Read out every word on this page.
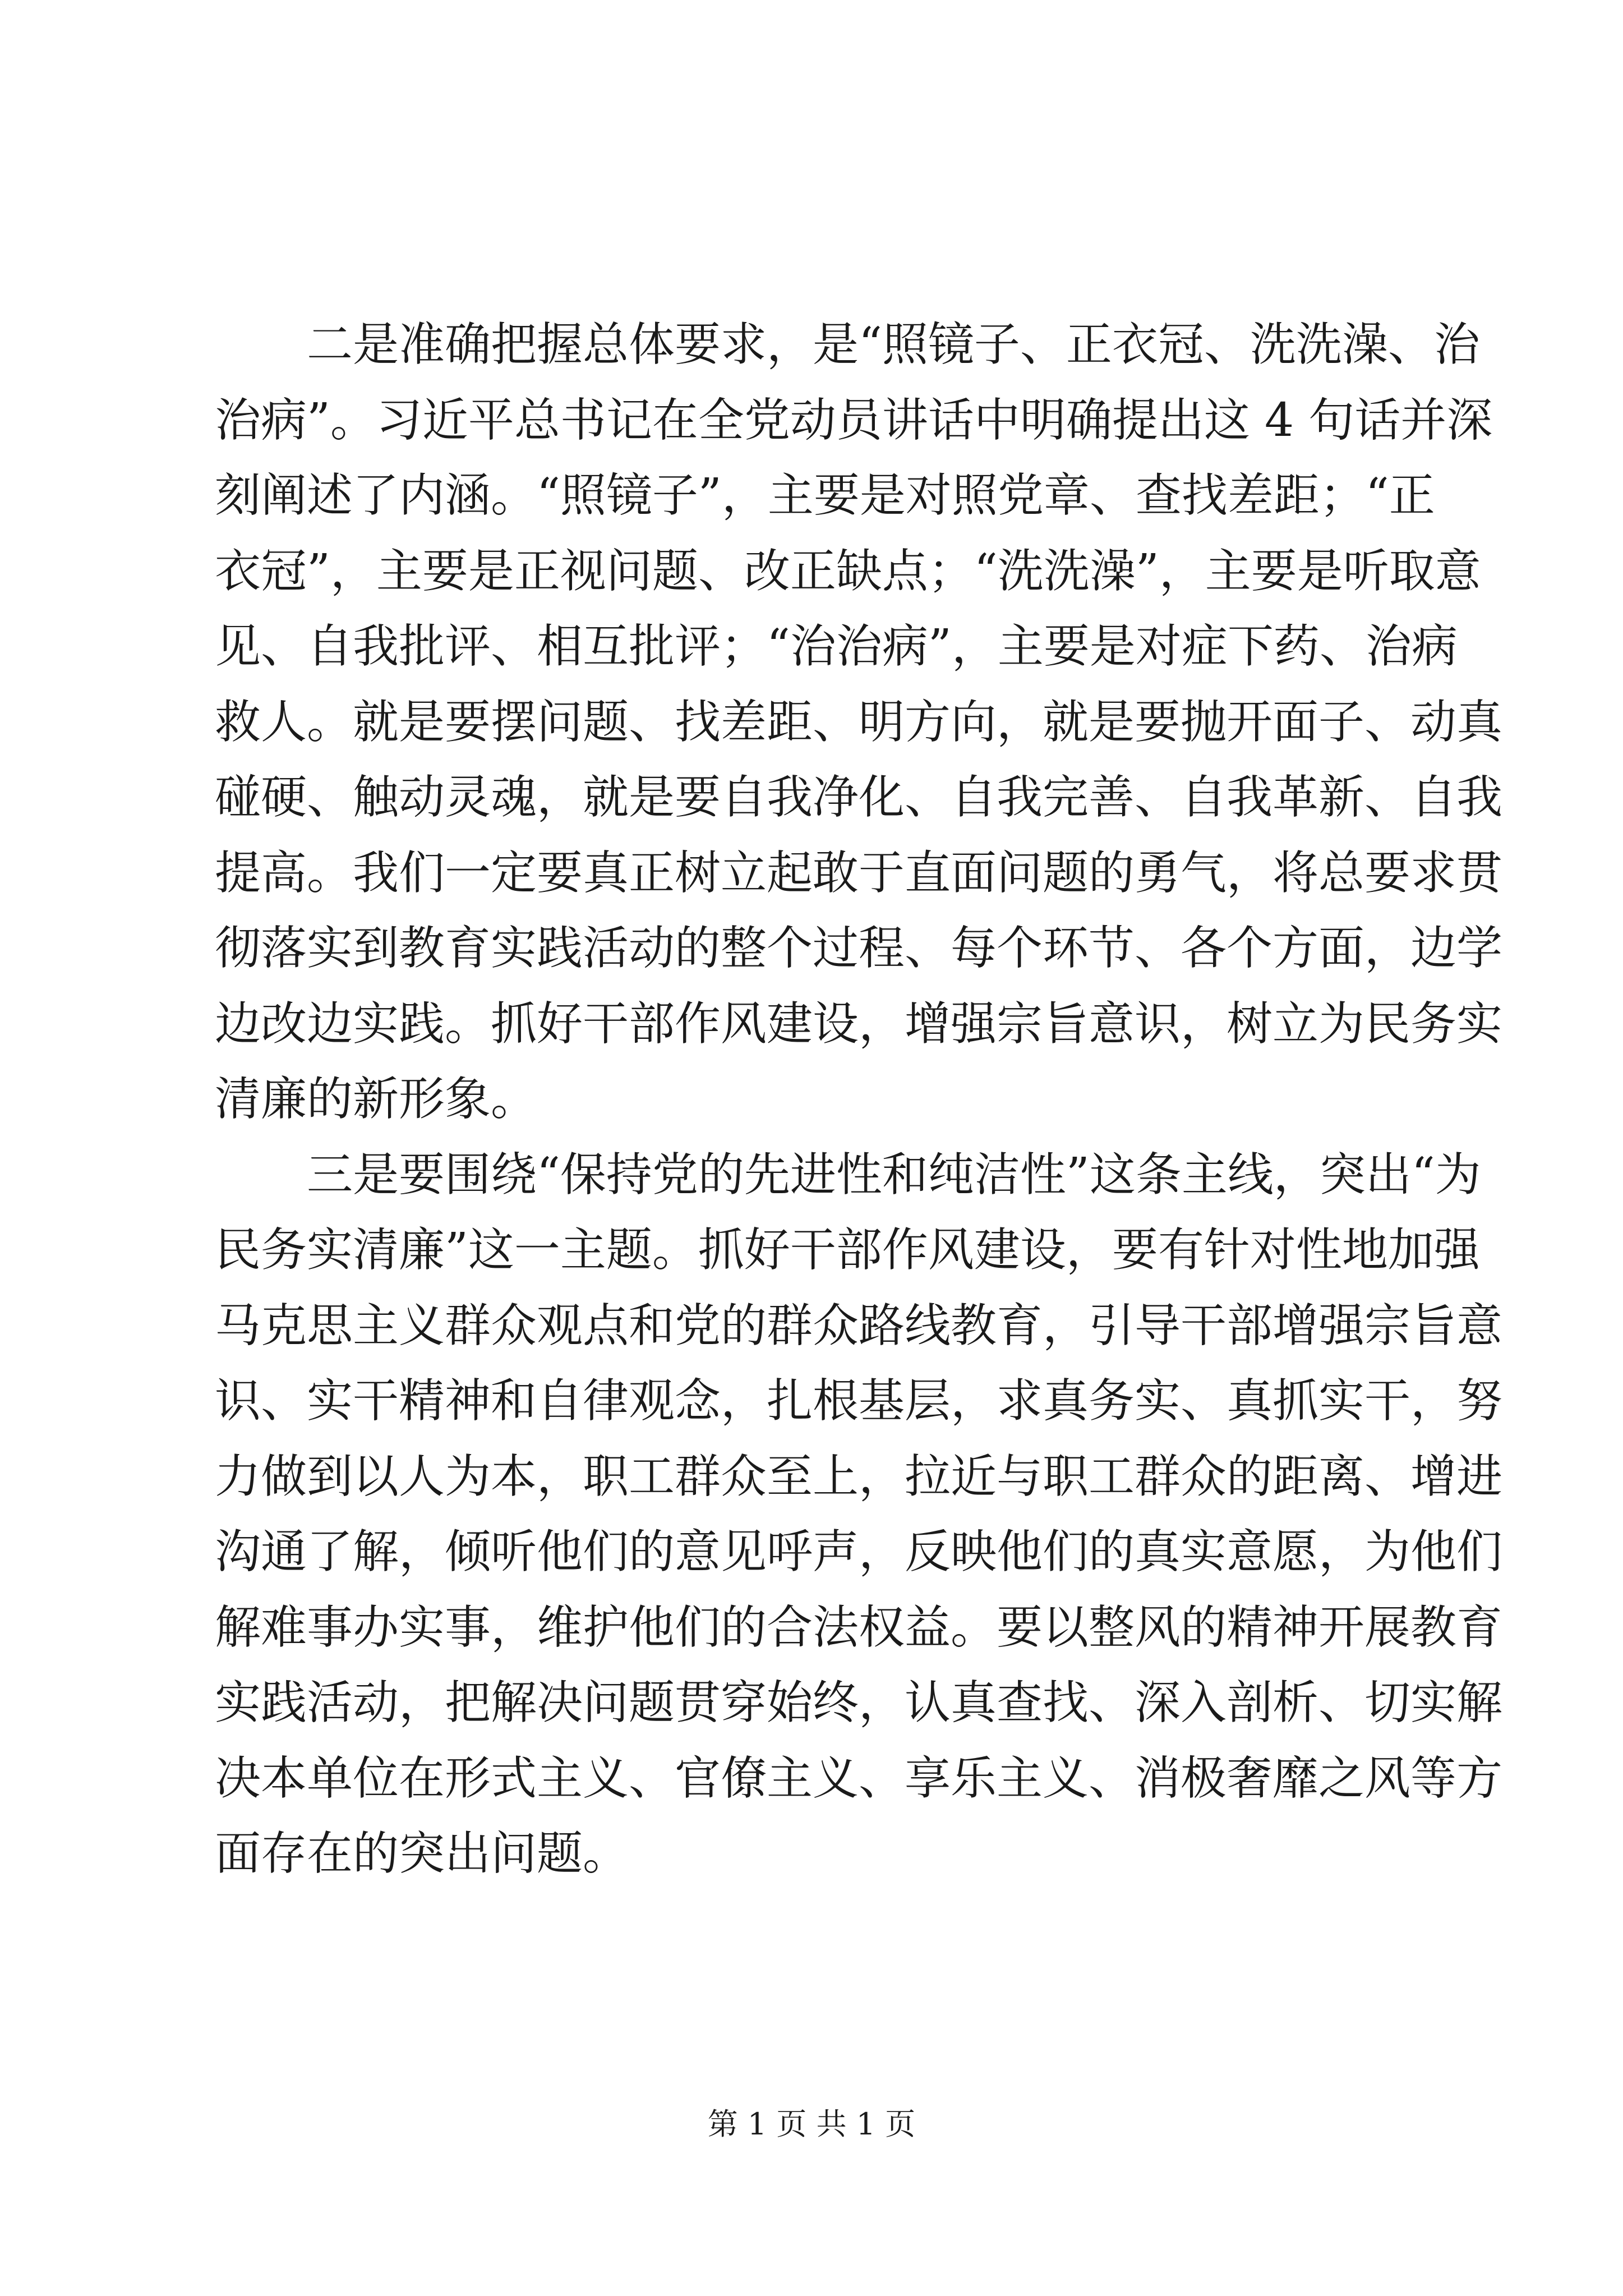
二是准确把握总体要求，是“照镜子、正衣冠、洗洗澡、治
治病”。习近平总书记在全党动员讲话中明确提出这 4 句话并深
刻阐述了内涵。“照镜子”，主要是对照党章、查找差距；“正
衣冠”，主要是正视问题、改正缺点；“洗洗澡”，主要是听取意
见、自我批评、相互批评；“治治病”，主要是对症下药、治病
救人。就是要摆问题、找差距、明方向，就是要抛开面子、动真
碰硬、触动灵魂，就是要自我净化、自我完善、自我革新、自我
提高。我们一定要真正树立起敢于直面问题的勇气，将总要求贯
彻落实到教育实践活动的整个过程、每个环节、各个方面，边学
边改边实践。抓好干部作风建设，增强宗旨意识，树立为民务实
清廉的新形象。
三是要围绕“保持党的先进性和纯洁性”这条主线，突出“为
民务实清廉”这一主题。抓好干部作风建设，要有针对性地加强
马克思主义群众观点和党的群众路线教育，引导干部增强宗旨意
识、实干精神和自律观念，扎根基层，求真务实、真抓实干，努
力做到以人为本，职工群众至上，拉近与职工群众的距离、增进
沟通了解，倾听他们的意见呼声，反映他们的真实意愿，为他们
解难事办实事，维护他们的合法权益。要以整风的精神开展教育
实践活动，把解决问题贯穿始终，认真查找、深入剖析、切实解
决本单位在形式主义、官僚主义、享乐主义、消极奢靡之风等方
面存在的突出问题。
第 1 页 共 1 页
